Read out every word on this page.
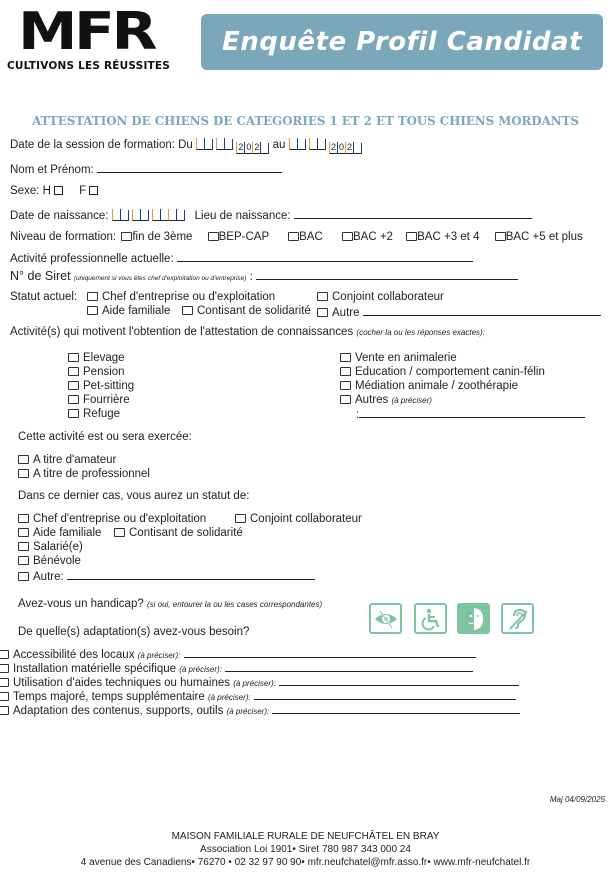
MFR
CULTIVONS LES RÉUSSITES
Enquête Profil Candidat
ATTESTATION DE CHIENS DE CATEGORIES 1 ET 2 ET TOUS CHIENS MORDANTS
Date de la session de formation: Du

	2 0 2 au

	2 0 2
Nom et Prénom:
Sexe: H F
Date de naissance:

	Lieu de naissance:
Niveau de formation: fin de 3ème BEP-CAP	BAC	BAC +2 BAC +3 et 4 BAC +5 et plus
Activité professionnelle actuelle:
N° de Siret (uniquement si vous êtes chef d'exploitation ou d'entreprise) :
Statut actuel:	Chef d'entreprise ou d'exploitation	Conjoint collaborateur
Aide familiale	Contisant de solidarité	Autre
Activité(s) qui motivent l'obtention de l'attestation de connaissances (cocher la ou les réponses exactes):
Elevage
Pension
Pet-sitting
Fourrière
Refuge
Vente en animalerie
Education / comportement canin-félin
Médiation animale / zoothérapie
Autres (à préciser)
:
Cette activité est ou sera exercée:
A titre d'amateur
A titre de professionnel
Dans ce dernier cas, vous aurez un statut de:
Chef d'entreprise ou d'exploitation	Conjoint collaborateur
Aide familiale	Contisant de solidarité
Salarié(e)
Bénévole
Autre:
Avez-vous un handicap? (si oui, entourer la ou les cases correspondantes)
De quelle(s) adaptation(s) avez-vous besoin?
Accessibilité des locaux (à préciser):
Installation matérielle spécifique (à préciser):
Utilisation d'aides techniques ou humaines (à préciser):
Temps majoré, temps supplémentaire (à préciser):
Adaptation des contenus, supports, outils (à préciser):
Maj 04/09/2025
MAISON FAMILIALE RURALE DE NEUFCHÂTEL EN BRAY
Association Loi 1901• Siret 780 987 343 000 24
4 avenue des Canadiens• 76270 • 02 32 97 90 90• mfr.neufchatel@mfr.asso.fr• www.mfr-neufchatel.fr
